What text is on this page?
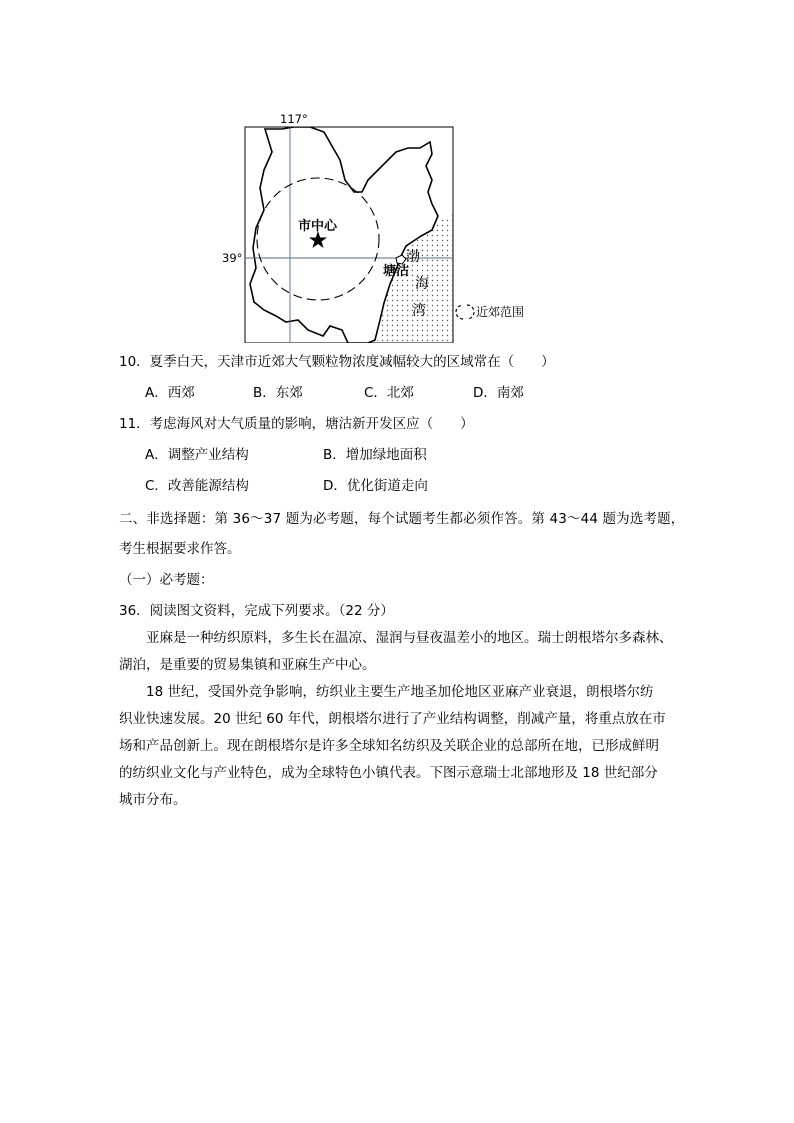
117°
39°
市中心
塘沽
渤
海
湾	近郊范围
10．夏季白天，天津市近郊大气颗粒物浓度减幅较大的区域常在（　　）
A．西郊	B．东郊	C．北郊	D．南郊
11．考虑海风对大气质量的影响，塘沽新开发区应（　　）
A．调整产业结构	B．增加绿地面积
C．改善能源结构	D．优化街道走向
二、非选择题：第 36～37 题为必考题，每个试题考生都必须作答。第 43～44 题为选考题，
考生根据要求作答。
（一）必考题：
36．阅读图文资料，完成下列要求。（22 分）
亚麻是一种纺织原料，多生长在温凉、湿润与昼夜温差小的地区。瑞士朗根塔尔多森林、
湖泊，是重要的贸易集镇和亚麻生产中心。
18 世纪，受国外竞争影响，纺织业主要生产地圣加伦地区亚麻产业衰退，朗根塔尔纺
织业快速发展。20 世纪 60 年代，朗根塔尔进行了产业结构调整，削减产量，将重点放在市
场和产品创新上。现在朗根塔尔是许多全球知名纺织及关联企业的总部所在地，已形成鲜明
的纺织业文化与产业特色，成为全球特色小镇代表。下图示意瑞士北部地形及 18 世纪部分
城市分布。
